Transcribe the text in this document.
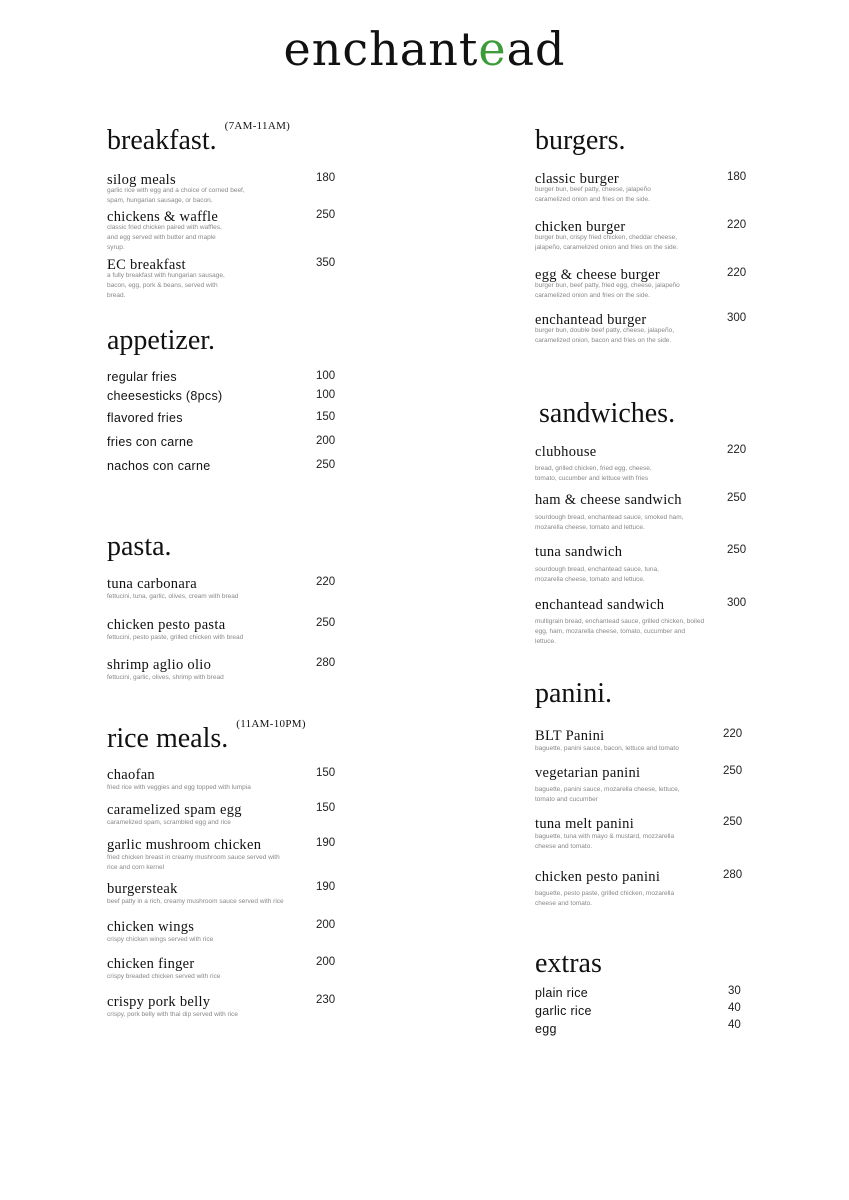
enchantead
breakfast. $^{(7AM-11AM)}$
silog meals	180
garlic rice with egg and a choice of corned beef, spam, hungarian sausage, or bacon.
chickens & waffle	250
classic fried chicken paired with waffles, and egg served with butter and maple syrup.
EC breakfast	350
a fully breakfast with hungarian sausage, bacon, egg, pork & beans, served with bread.
appetizer.
regular fries	100
cheesesticks (8pcs)	100
flavored fries	150
fries con carne	200
nachos con carne	250
pasta.
tuna carbonara	220
fettucini, tuna, garlic, olives, cream with bread
chicken pesto pasta	250
fettucini, pesto paste, grilled chicken with bread
shrimp aglio olio	280
fettucini, garlic, olives, shrimp with bread
rice meals. $^{(11AM-10PM)}$
chaofan	150
fried rice with veggies and egg topped with lumpia
caramelized spam egg	150
caramelized spam, scrambled egg and rice
garlic mushroom chicken	190
fried chicken breast in creamy mushroom sauce served with rice and corn kernel
burgersteak	190
beef patty in a rich, creamy mushroom sauce served with rice
chicken wings	200
crispy chicken wings served with rice
chicken finger	200
crispy breaded chicken served with rice
crispy pork belly	230
crispy, pork belly with thai dip served with rice
burgers.
classic burger	180
burger bun, beef patty, cheese, jalapeño caramelized onion and fries on the side.
chicken burger	220
burger bun, crispy fried chicken, cheddar cheese, jalapeño, caramelized onion and fries on the side.
egg & cheese burger	220
burger bun, beef patty, fried egg, cheese, jalapeño caramelized onion and fries on the side.
enchantead burger	300
burger bun, double beef patty, cheese, jalapeño, caramelized onion, bacon and fries on the side.
sandwiches.
clubhouse	220
bread, grilled chicken, fried egg, cheese, tomato, cucumber and lettuce with fries
ham & cheese sandwich	250
sourdough bread, enchantead sauce, smoked ham, mozarella cheese, tomato and lettuce.
tuna sandwich	250
sourdough bread, enchantead sauce, tuna, mozarella cheese, tomato and lettuce.
enchantead sandwich	300
multigrain bread, enchantead sauce, grilled chicken, boiled egg, ham, mozarella cheese, tomato, cucumber and lettuce.
panini.
BLT Panini	220
baguette, panini sauce, bacon, lettuce and tomato
vegetarian panini	250
baguette, panini sauce, mozarella cheese, lettuce, tomato and cucumber
tuna melt panini	250
baguette, tuna with mayo & mustard, mozzarella cheese and tomato.
chicken pesto panini	280
baguette, pesto paste, grilled chicken, mozarella cheese and tomato.
extras
plain rice	30
garlic rice	40
egg	40
